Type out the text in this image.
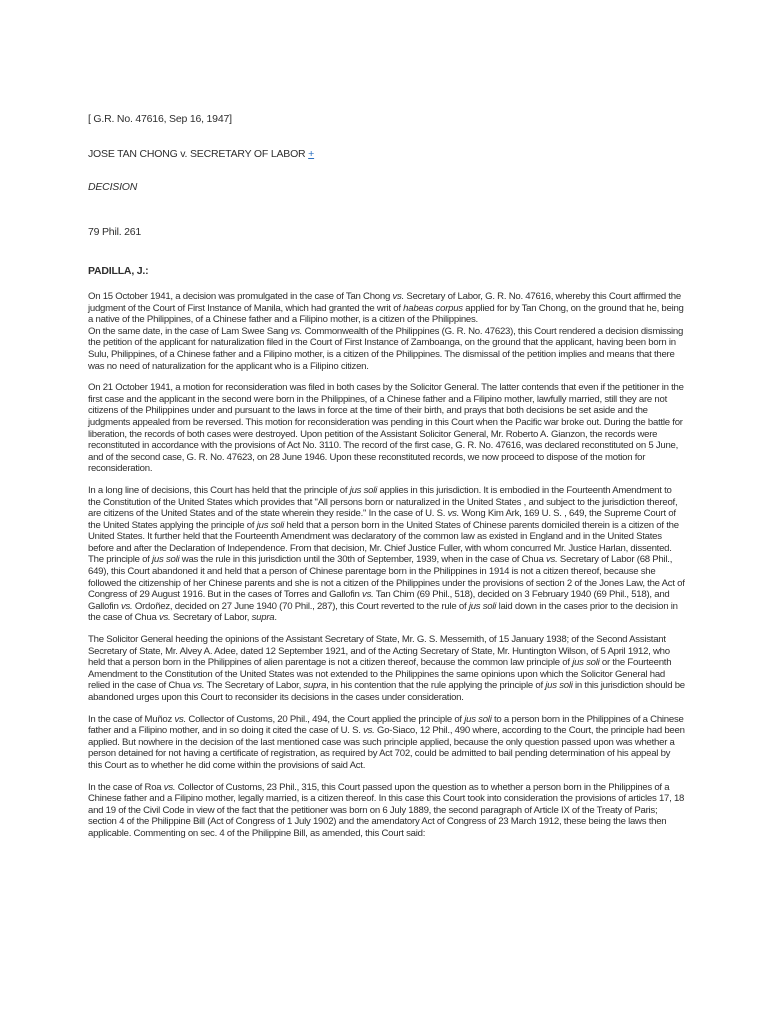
[ G.R. No. 47616, Sep 16, 1947]
JOSE TAN CHONG v. SECRETARY OF LABOR +
DECISION
79 Phil. 261
PADILLA, J.:

On 15 October 1941, a decision was promulgated in the case of Tan Chong vs. Secretary of Labor, G. R. No. 47616, whereby this Court affirmed the judgment of the Court of First Instance of Manila, which had granted the writ of habeas corpus applied for by Tan Chong, on the ground that he, being a native of the Philippines, of a Chinese father and a Filipino mother, is a citizen of the Philippines.

On the same date, in the case of Lam Swee Sang vs. Commonwealth of the Philippines (G. R. No. 47623), this Court rendered a decision dismissing the petition of the applicant for naturalization filed in the Court of First Instance of Zamboanga, on the ground that the applicant, having been born in Sulu, Philippines, of a Chinese father and a Filipino mother, is a citizen of the Philippines. The dismissal of the petition implies and means that there was no need of naturalization for the applicant who is a Filipino citizen.

On 21 October 1941, a motion for reconsideration was filed in both cases by the Solicitor General. The latter contends that even if the petitioner in the first case and the applicant in the second were born in the Philippines, of a Chinese father and a Filipino mother, lawfully married, still they are not citizens of the Philippines under and pursuant to the laws in force at the time of their birth, and prays that both decisions be set aside and the judgments appealed from be reversed. This motion for reconsideration was pending in this Court when the Pacific war broke out. During the battle for liberation, the records of both cases were destroyed. Upon petition of the Assistant Solicitor General, Mr. Roberto A. Gianzon, the records were reconstituted in accordance with the provisions of Act No. 3110. The record of the first case, G. R. No. 47616, was declared reconstituted on 5 June, and of the second case, G. R. No. 47623, on 28 June 1946. Upon these reconstituted records, we now proceed to dispose of the motion for reconsideration.

In a long line of decisions, this Court has held that the principle of jus soli applies in this jurisdiction. It is embodied in the Fourteenth Amendment to the Constitution of the United States which provides that "All persons born or naturalized in the United States , and subject to the jurisdiction thereof, are citizens of the United States and of the state wherein they reside." In the case of U. S. vs. Wong Kim Ark, 169 U. S. , 649, the Supreme Court of the United States applying the principle of jus soli held that a person born in the United States of Chinese parents domiciled therein is a citizen of the United States. It further held that the Fourteenth Amendment was declaratory of the common law as existed in England and in the United States before and after the Declaration of Independence. From that decision, Mr. Chief Justice Fuller, with whom concurred Mr. Justice Harlan, dissented. The principle of jus soli was the rule in this jurisdiction until the 30th of September, 1939, when in the case of Chua vs. Secretary of Labor (68 Phil., 649), this Court abandoned it and held that a person of Chinese parentage born in the Philippines in 1914 is not a citizen thereof, because she followed the citizenship of her Chinese parents and she is not a citizen of the Philippines under the provisions of section 2 of the Jones Law, the Act of Congress of 29 August 1916. But in the cases of Torres and Gallofin vs. Tan Chim (69 Phil., 518), decided on 3 February 1940 (69 Phil., 518), and Gallofin vs. Ordoñez, decided on 27 June 1940 (70 Phil., 287), this Court reverted to the rule of jus soli laid down in the cases prior to the decision in the case of Chua vs. Secretary of Labor, supra.

The Solicitor General heeding the opinions of the Assistant Secretary of State, Mr. G. S. Messemith, of 15 January 1938; of the Second Assistant Secretary of State, Mr. Alvey A. Adee, dated 12 September 1921, and of the Acting Secretary of State, Mr. Huntington Wilson, of 5 April 1912, who held that a person born in the Philippines of alien parentage is not a citizen thereof, because the common law principle of jus soli or the Fourteenth Amendment to the Constitution of the United States was not extended to the Philippines the same opinions upon which the Solicitor General had relied in the case of Chua vs. The Secretary of Labor, supra, in his contention that the rule applying the principle of jus soli in this jurisdiction should be abandoned urges upon this Court to reconsider its decisions in the cases under consideration.

In the case of Muñoz vs. Collector of Customs, 20 Phil., 494, the Court applied the principle of jus soli to a person born in the Philippines of a Chinese father and a Filipino mother, and in so doing it cited the case of U. S. vs. Go-Siaco, 12 Phil., 490 where, according to the Court, the principle had been applied. But nowhere in the decision of the last mentioned case was such principle applied, because the only question passed upon was whether a person detained for not having a certificate of registration, as required by Act 702, could be admitted to bail pending determination of his appeal by this Court as to whether he did come within the provisions of said Act.

In the case of Roa vs. Collector of Customs, 23 Phil., 315, this Court passed upon the question as to whether a person born in the Philippines of a Chinese father and a Filipino mother, legally married, is a citizen thereof. In this case this Court took into consideration the provisions of articles 17, 18 and 19 of the Civil Code in view of the fact that the petitioner was born on 6 July 1889, the second paragraph of Article IX of the Treaty of Paris; section 4 of the Philippine Bill (Act of Congress of 1 July 1902) and the amendatory Act of Congress of 23 March 1912, these being the laws then applicable. Commenting on sec. 4 of the Philippine Bill, as amended, this Court said:
